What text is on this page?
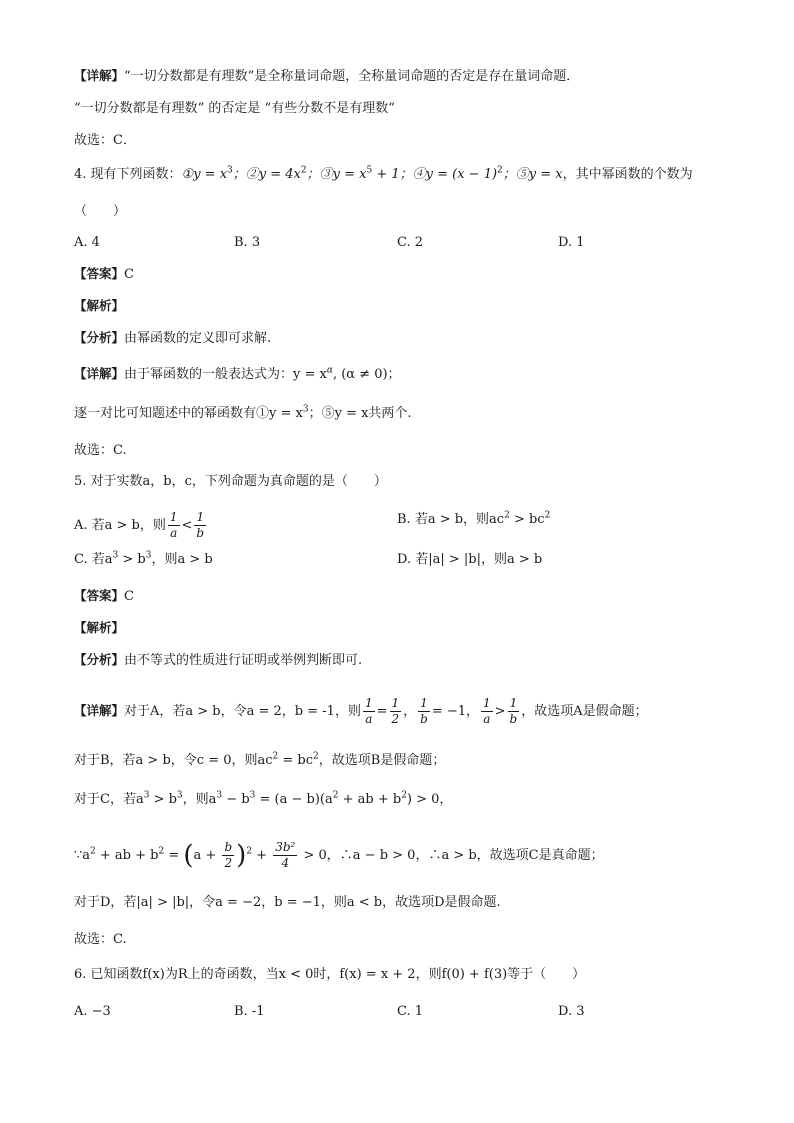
【详解】“一切分数都是有理数”是全称量词命题，全称量词命题的否定是存在量词命题．
“一切分数都是有理数” 的否定是 “有些分数不是有理数”
故选：C．
4. 现有下列函数：①y = $x^3$；②y = $4x^2$；③y = $x^5 + 1$；④y = $(x - 1)^2$；⑤y = x，其中幂函数的个数为
（　　）
A. 4	B. 3	C. 2	D. 1
【答案】C
【解析】
【分析】由幂函数的定义即可求解.
【详解】由于幂函数的一般表达式为：$y = x^\alpha$, (α ≠ 0)；
逐一对比可知题述中的幂函数有①y = $x^3$；⑤y = x共两个.
故选：C.
5. 对于实数a，b，c，下列命题为真命题的是（　　）
A. 若a > b，则 $\frac{1}{a} < \frac{1}{b}$	B. 若a > b，则$ac^2 > bc^2$
C. 若$a^3 > b^3$，则a > b	D. 若|a| > |b|，则a > b
【答案】C
【解析】
【分析】由不等式的性质进行证明或举例判断即可.
【详解】对于A，若a > b，令a = 2，b = -1，则 $\frac{1}{a} = \frac{1}{2}$ ， $\frac{1}{b} = -1$， $\frac{1}{a} > \frac{1}{b}$ ，故选项A是假命题；
对于B，若a > b，令c = 0，则$ac^2 = bc^2$，故选项B是假命题；
对于C，若$a^3 > b^3$，则$a^3 - b^3 = (a - b)(a^2$ + ab + $b^2) > 0$，
$\because a^2$ + ab + $b^2 = (a + \frac{b}{2} )^2 + \frac{\text{3b²}}{4} > 0$，∴a − b > 0，∴a > b，故选项C是真命题；
对于D，若|a| > |b|，令a = −2，b = −1，则a < b，故选项D是假命题.
故选：C.
6. 已知函数f(x)为R上的奇函数，当x < 0时，f(x) = x + 2，则f(0) + f(3)等于（　　）
A. −3	B. -1	C. 1	D. 3
